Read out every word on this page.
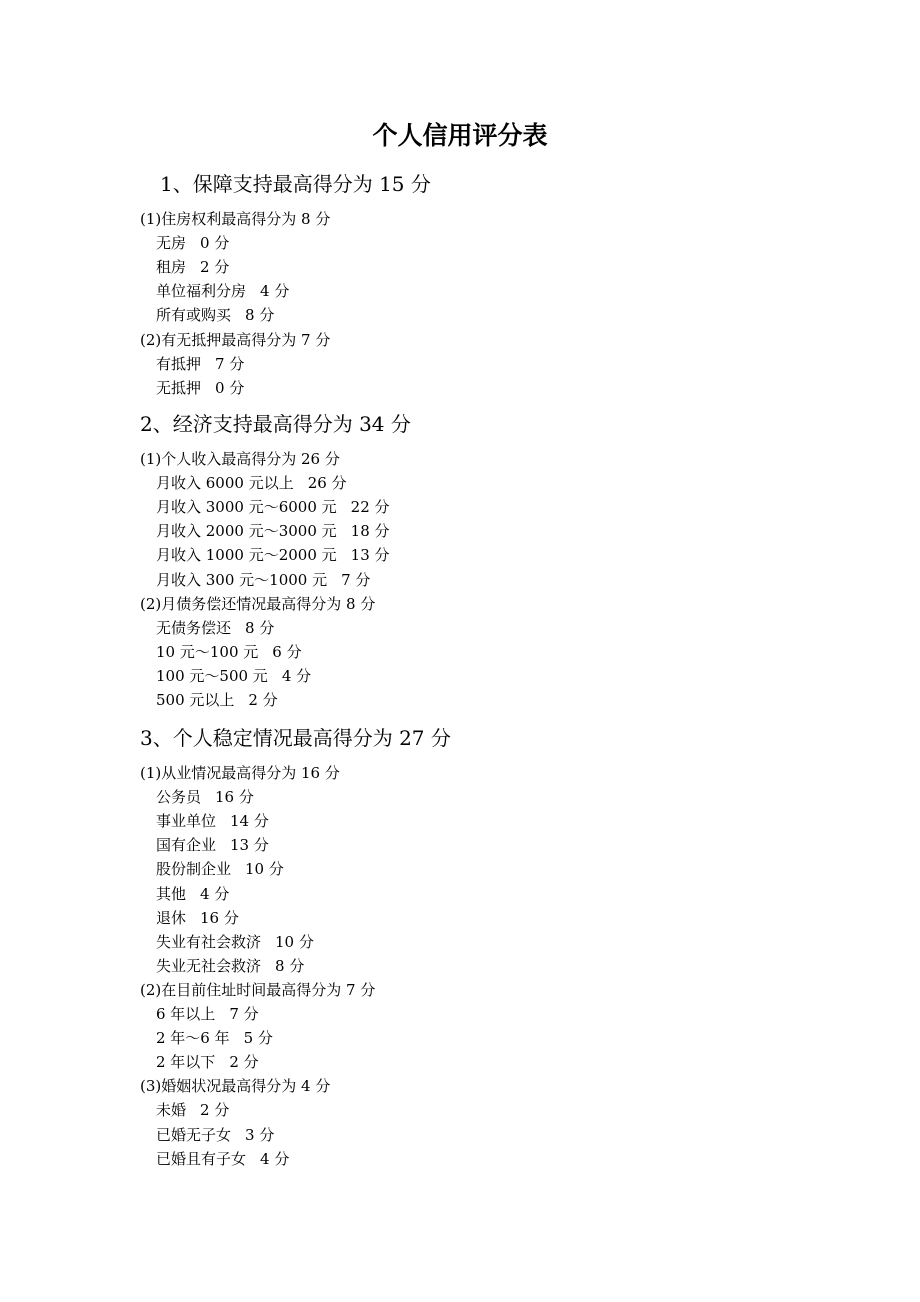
个人信用评分表
1、保障支持最高得分为 15 分
(1)住房权利最高得分为 8 分
无房 0 分
租房 2 分
单位福利分房 4 分
所有或购买 8 分
(2)有无抵押最高得分为 7 分
有抵押 7 分
无抵押 0 分
2、经济支持最高得分为 34 分
(1)个人收入最高得分为 26 分
月收入 6000 元以上 26 分
月收入 3000 元～6000 元 22 分
月收入 2000 元～3000 元 18 分
月收入 1000 元～2000 元 13 分
月收入 300 元～1000 元 7 分
(2)月债务偿还情况最高得分为 8 分
无债务偿还 8 分
10 元～100 元 6 分
100 元～500 元 4 分
500 元以上 2 分
3、个人稳定情况最高得分为 27 分
(1)从业情况最高得分为 16 分
公务员 16 分
事业单位 14 分
国有企业 13 分
股份制企业 10 分
其他 4 分
退休 16 分
失业有社会救济 10 分
失业无社会救济 8 分
(2)在目前住址时间最高得分为 7 分
6 年以上 7 分
2 年～6 年 5 分
2 年以下 2 分
(3)婚姻状况最高得分为 4 分
未婚 2 分
已婚无子女 3 分
已婚且有子女 4 分
